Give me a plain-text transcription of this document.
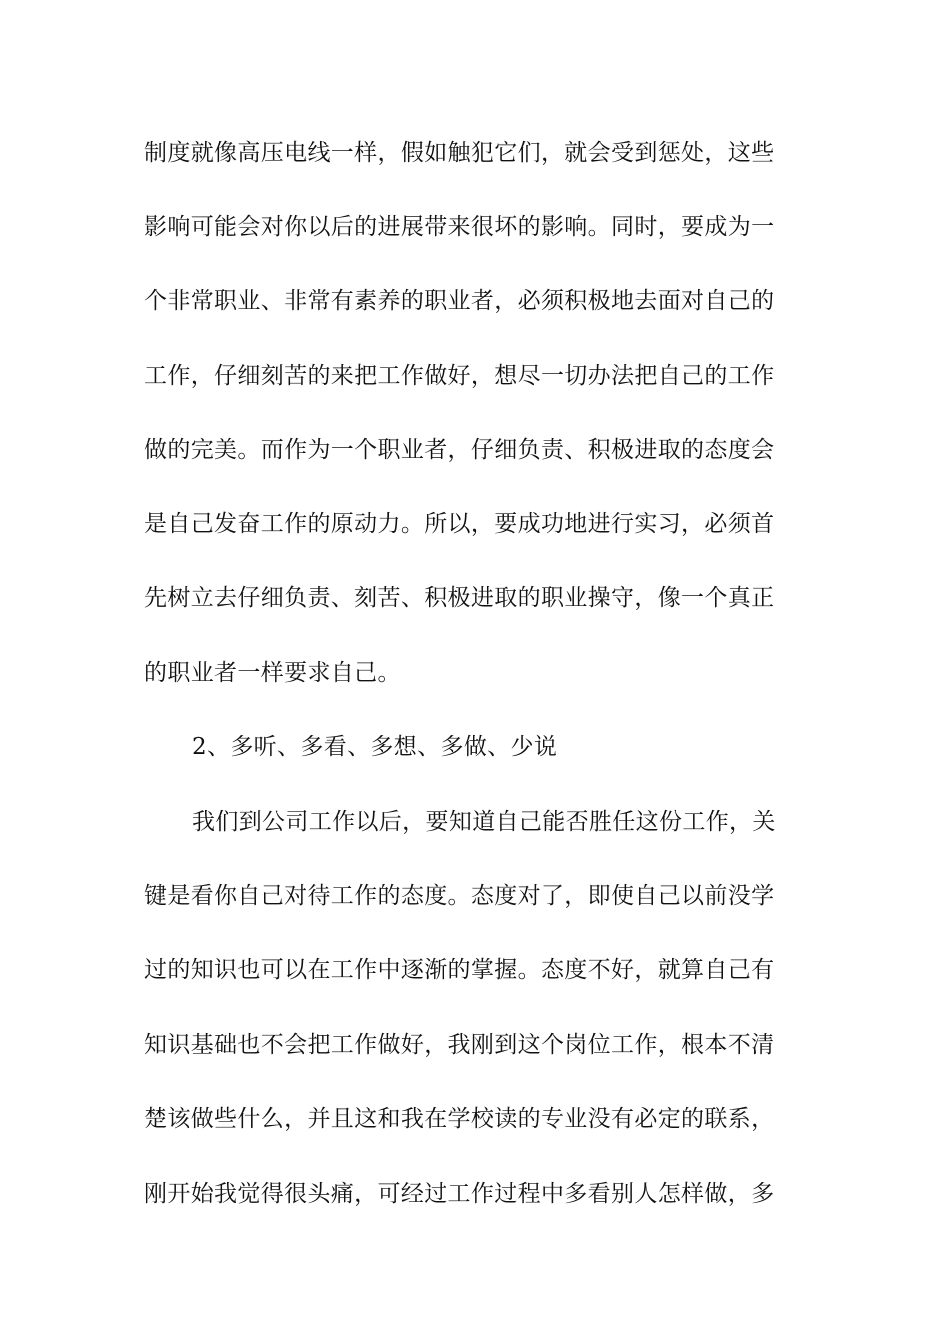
制度就像高压电线一样，假如触犯它们，就会受到惩处，这些
影响可能会对你以后的进展带来很坏的影响。同时，要成为一
个非常职业、非常有素养的职业者，必须积极地去面对自己的
工作，仔细刻苦的来把工作做好，想尽一切办法把自己的工作
做的完美。而作为一个职业者，仔细负责、积极进取的态度会
是自己发奋工作的原动力。所以，要成功地进行实习，必须首
先树立去仔细负责、刻苦、积极进取的职业操守，像一个真正
的职业者一样要求自己。
2、多听、多看、多想、多做、少说
我们到公司工作以后，要知道自己能否胜任这份工作，关
键是看你自己对待工作的态度。态度对了，即使自己以前没学
过的知识也可以在工作中逐渐的掌握。态度不好，就算自己有
知识基础也不会把工作做好，我刚到这个岗位工作，根本不清
楚该做些什么，并且这和我在学校读的专业没有必定的联系，
刚开始我觉得很头痛，可经过工作过程中多看别人怎样做，多
